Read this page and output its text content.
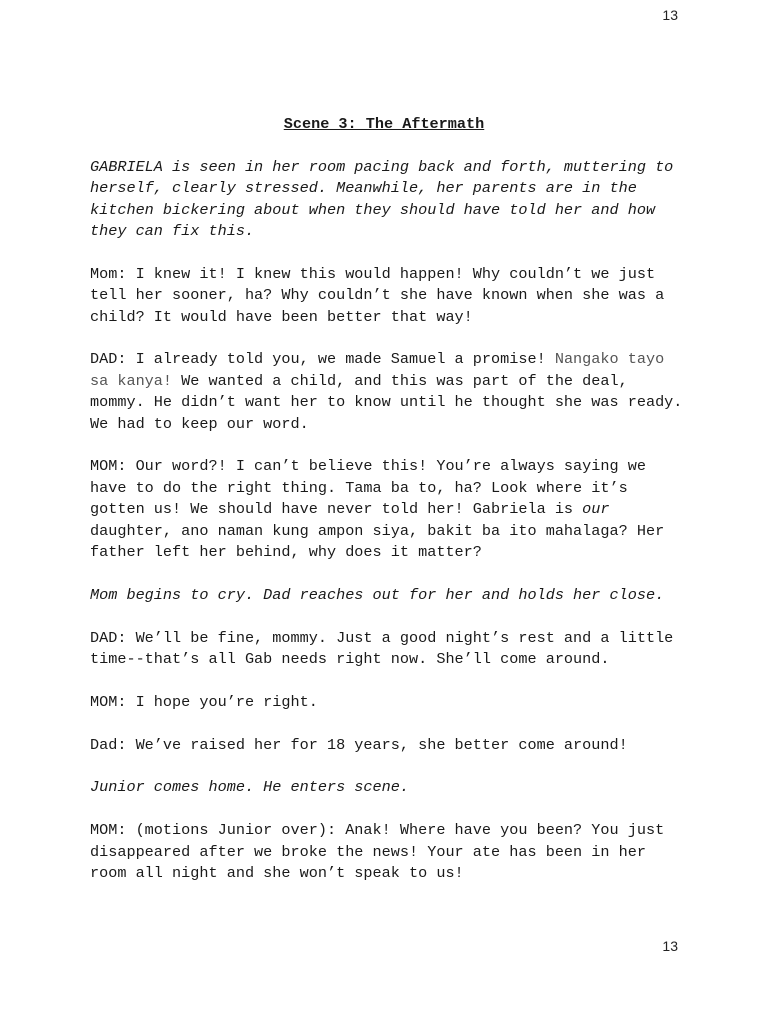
13
Scene 3: The Aftermath

GABRIELA is seen in her room pacing back and forth, muttering to herself, clearly stressed. Meanwhile, her parents are in the kitchen bickering about when they should have told her and how they can fix this.

Mom: I knew it! I knew this would happen! Why couldn’t we just tell her sooner, ha? Why couldn’t she have known when she was a child? It would have been better that way!

DAD: I already told you, we made Samuel a promise! Nangako tayo sa kanya! We wanted a child, and this was part of the deal, mommy. He didn’t want her to know until he thought she was ready. We had to keep our word.

MOM: Our word?! I can’t believe this! You’re always saying we have to do the right thing. Tama ba to, ha? Look where it’s gotten us! We should have never told her! Gabriela is our daughter, ano naman kung ampon siya, bakit ba ito mahalaga? Her father left her behind, why does it matter?

Mom begins to cry. Dad reaches out for her and holds her close.

DAD: We’ll be fine, mommy. Just a good night’s rest and a little time--that’s all Gab needs right now. She’ll come around.

MOM: I hope you’re right.

Dad: We’ve raised her for 18 years, she better come around!

Junior comes home. He enters scene.

MOM: (motions Junior over): Anak! Where have you been? You just disappeared after we broke the news! Your ate has been in her room all night and she won’t speak to us!

13
